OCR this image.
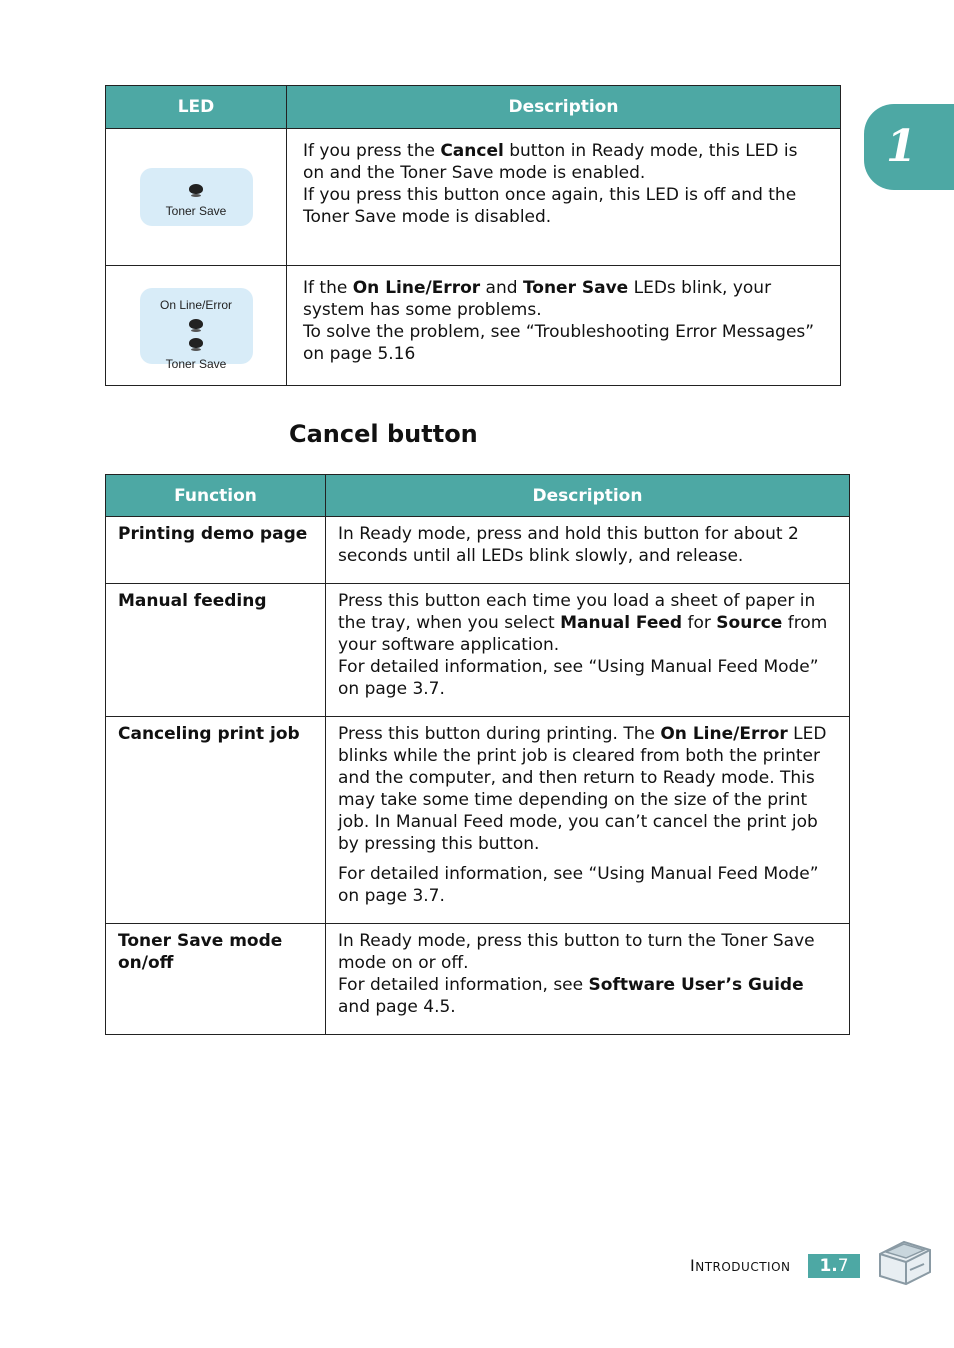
1
LED	Description

Toner Save	If you press the Cancel button in Ready mode, this LED is on and the Toner Save mode is enabled.
If you press this button once again, this LED is off and the Toner Save mode is disabled.

On Line/Error
Toner Save	If the On Line/Error and Toner Save LEDs blink, your system has some problems.
To solve the problem, see “Troubleshooting Error Messages” on page 5.16
Cancel button
Function	Description
Printing demo page	In Ready mode, press and hold this button for about 2 seconds until all LEDs blink slowly, and release.
Manual feeding	Press this button each time you load a sheet of paper in the tray, when you select Manual Feed for Source from your software application.
For detailed information, see “Using Manual Feed Mode” on page 3.7.
Canceling print job	Press this button during printing. The On Line/Error LED blinks while the print job is cleared from both the printer and the computer, and then return to Ready mode. This may take some time depending on the size of the print job. In Manual Feed mode, you can’t cancel the print job by pressing this button.
For detailed information, see “Using Manual Feed Mode” on page 3.7.
Toner Save mode on/off	In Ready mode, press this button to turn the Toner Save mode on or off.
For detailed information, see Software User’s Guide and page 4.5.
INTRODUCTION	1.7
